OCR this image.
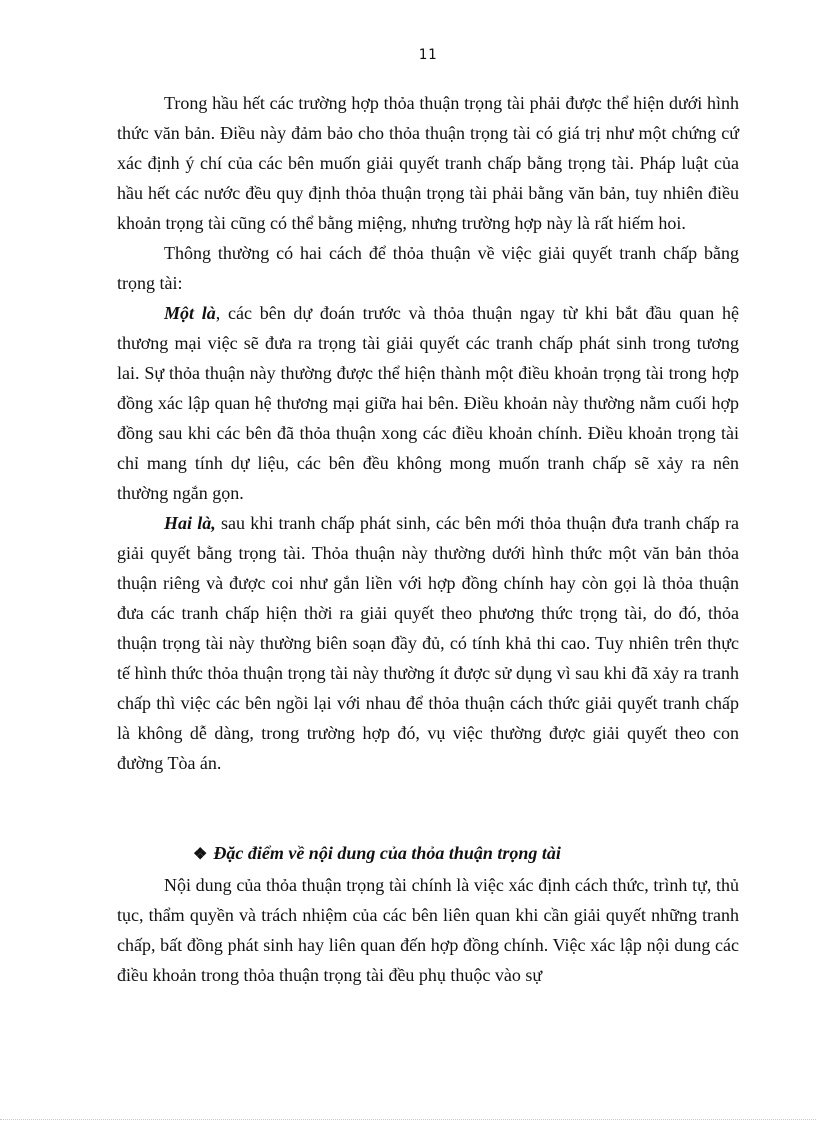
11

Trong hầu hết các trường hợp thỏa thuận trọng tài phải được thể hiện dưới hình thức văn bản. Điều này đảm bảo cho thỏa thuận trọng tài có giá trị như một chứng cứ xác định ý chí của các bên muốn giải quyết tranh chấp bằng trọng tài. Pháp luật của hầu hết các nước đều quy định thỏa thuận trọng tài phải bằng văn bản, tuy nhiên điều khoản trọng tài cũng có thể bằng miệng, nhưng trường hợp này là rất hiếm hoi.

Thông thường có hai cách để thỏa thuận về việc giải quyết tranh chấp bằng trọng tài:

Một là, các bên dự đoán trước và thỏa thuận ngay từ khi bắt đầu quan hệ thương mại việc sẽ đưa ra trọng tài giải quyết các tranh chấp phát sinh trong tương lai. Sự thỏa thuận này thường được thể hiện thành một điều khoản trọng tài trong hợp đồng xác lập quan hệ thương mại giữa hai bên. Điều khoản này thường nằm cuối hợp đồng sau khi các bên đã thỏa thuận xong các điều khoản chính. Điều khoản trọng tài chỉ mang tính dự liệu, các bên đều không mong muốn tranh chấp sẽ xảy ra nên thường ngắn gọn.

Hai là, sau khi tranh chấp phát sinh, các bên mới thỏa thuận đưa tranh chấp ra giải quyết bằng trọng tài. Thỏa thuận này thường dưới hình thức một văn bản thỏa thuận riêng và được coi như gắn liền với hợp đồng chính hay còn gọi là thỏa thuận đưa các tranh chấp hiện thời ra giải quyết theo phương thức trọng tài, do đó, thỏa thuận trọng tài này thường biên soạn đầy đủ, có tính khả thi cao. Tuy nhiên trên thực tế hình thức thỏa thuận trọng tài này thường ít được sử dụng vì sau khi đã xảy ra tranh chấp thì việc các bên ngồi lại với nhau để thỏa thuận cách thức giải quyết tranh chấp là không dễ dàng, trong trường hợp đó, vụ việc thường được giải quyết theo con đường Tòa án.

❖ Đặc điểm về nội dung của thỏa thuận trọng tài

Nội dung của thỏa thuận trọng tài chính là việc xác định cách thức, trình tự, thủ tục, thẩm quyền và trách nhiệm của các bên liên quan khi cần giải quyết những tranh chấp, bất đồng phát sinh hay liên quan đến hợp đồng chính. Việc xác lập nội dung các điều khoản trong thỏa thuận trọng tài đều phụ thuộc vào sự
